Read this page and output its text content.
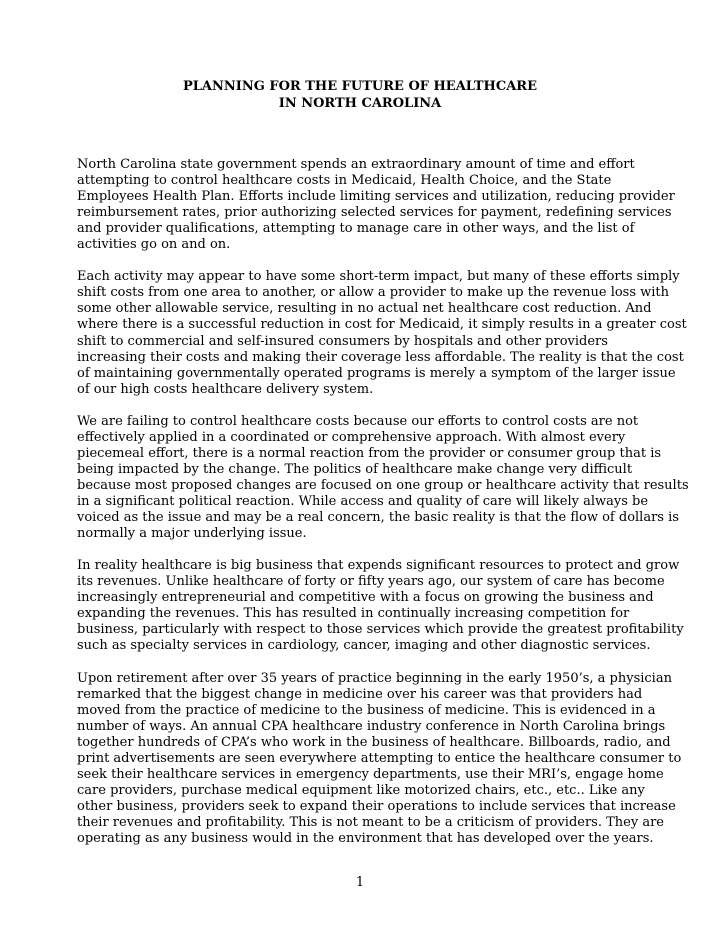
PLANNING FOR THE FUTURE OF HEALTHCARE
IN NORTH CAROLINA
North Carolina state government spends an extraordinary amount of time and effort
attempting to control healthcare costs in Medicaid, Health Choice, and the State
Employees Health Plan. Efforts include limiting services and utilization, reducing provider
reimbursement rates, prior authorizing selected services for payment, redefining services
and provider qualifications, attempting to manage care in other ways, and the list of
activities go on and on.
Each activity may appear to have some short-term impact, but many of these efforts simply
shift costs from one area to another, or allow a provider to make up the revenue loss with
some other allowable service, resulting in no actual net healthcare cost reduction. And
where there is a successful reduction in cost for Medicaid, it simply results in a greater cost
shift to commercial and self-insured consumers by hospitals and other providers
increasing their costs and making their coverage less affordable. The reality is that the cost
of maintaining governmentally operated programs is merely a symptom of the larger issue
of our high costs healthcare delivery system.
We are failing to control healthcare costs because our efforts to control costs are not
effectively applied in a coordinated or comprehensive approach. With almost every
piecemeal effort, there is a normal reaction from the provider or consumer group that is
being impacted by the change. The politics of healthcare make change very difficult
because most proposed changes are focused on one group or healthcare activity that results
in a significant political reaction. While access and quality of care will likely always be
voiced as the issue and may be a real concern, the basic reality is that the flow of dollars is
normally a major underlying issue.
In reality healthcare is big business that expends significant resources to protect and grow
its revenues. Unlike healthcare of forty or fifty years ago, our system of care has become
increasingly entrepreneurial and competitive with a focus on growing the business and
expanding the revenues. This has resulted in continually increasing competition for
business, particularly with respect to those services which provide the greatest profitability
such as specialty services in cardiology, cancer, imaging and other diagnostic services.
Upon retirement after over 35 years of practice beginning in the early 1950’s, a physician
remarked that the biggest change in medicine over his career was that providers had
moved from the practice of medicine to the business of medicine. This is evidenced in a
number of ways. An annual CPA healthcare industry conference in North Carolina brings
together hundreds of CPA’s who work in the business of healthcare. Billboards, radio, and
print advertisements are seen everywhere attempting to entice the healthcare consumer to
seek their healthcare services in emergency departments, use their MRI’s, engage home
care providers, purchase medical equipment like motorized chairs, etc., etc.. Like any
other business, providers seek to expand their operations to include services that increase
their revenues and profitability. This is not meant to be a criticism of providers. They are
operating as any business would in the environment that has developed over the years.
1
